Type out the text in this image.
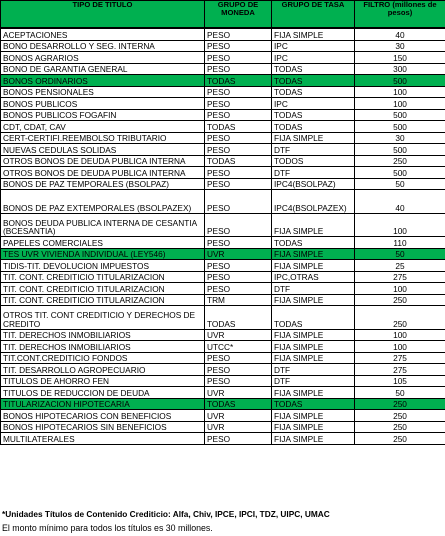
TIPO DE TITULO	GRUPO DE MONEDA	GRUPO DE TASA	FILTRO (millones de pesos)
ACEPTACIONES	PESO	FIJA SIMPLE	40
BONO DESARROLLO Y SEG. INTERNA	PESO	IPC	30
BONOS AGRARIOS	PESO	IPC	150
BONO DE GARANTIA GENERAL	PESO	TODAS	300
BONOS ORDINARIOS	TODAS	TODAS	500
BONOS PENSIONALES	PESO	TODAS	100
BONOS PUBLICOS	PESO	IPC	100
BONOS PUBLICOS FOGAFIN	PESO	TODAS	500
CDT, CDAT, CAV	TODAS	TODAS	500
CERT-CERTIFI.REEMBOLSO TRIBUTARIO	PESO	FIJA SIMPLE	30
NUEVAS CEDULAS SOLIDAS	PESO	DTF	500
OTROS BONOS DE DEUDA PUBLICA INTERNA	TODAS	TODOS	250
OTROS BONOS DE DEUDA PUBLICA INTERNA	PESO	DTF	500
BONOS DE PAZ TEMPORALES (BSOLPAZ)	PESO	IPC4(BSOLPAZ)	50
BONOS DE PAZ EXTEMPORALES (BSOLPAZEX)	PESO	IPC4(BSOLPAZEX)	40
BONOS DEUDA PUBLICA INTERNA DE CESANTIA (BCESANTIA)	PESO	FIJA SIMPLE	100
PAPELES COMERCIALES	PESO	TODAS	110
TES UVR VIVIENDA INDIVIDUAL (LEY546)	UVR	FIJA SIMPLE	50
TIDIS-TIT. DEVOLUCION IMPUESTOS	PESO	FIJA SIMPLE	25
TIT. CONT. CREDITICIO TITULARIZACION	PESO	IPC,OTRAS	275
TIT. CONT. CREDITICIO TITULARIZACION	PESO	DTF	100
TIT. CONT. CREDITICIO TITULARIZACION	TRM	FIJA SIMPLE	250
OTROS TIT. CONT CREDITICIO Y DERECHOS DE CREDITO	TODAS	TODAS	250
TIT. DERECHOS INMOBILIARIOS	UVR	FIJA SIMPLE	100
TIT. DERECHOS INMOBILIARIOS	UTCC*	FIJA SIMPLE	100
TIT.CONT.CREDITICIO FONDOS	PESO	FIJA SIMPLE	275
TIT. DESARROLLO AGROPECUARIO	PESO	DTF	275
TITULOS DE AHORRO FEN	PESO	DTF	105
TITULOS DE REDUCCION DE DEUDA	UVR	FIJA SIMPLE	50
TITULARIZACION HIPOTECARIA	TODAS	TODAS	250
BONOS HIPOTECARIOS CON BENEFICIOS	UVR	FIJA SIMPLE	250
BONOS HIPOTECARIOS SIN BENEFICIOS	UVR	FIJA SIMPLE	250
MULTILATERALES	PESO	FIJA SIMPLE	250
*Unidades Títulos de Contenido Crediticio: Alfa, Chiv, IPCE, IPCI, TDZ, UIPC, UMAC
El monto mínimo para todos los títulos es 30 millones.
